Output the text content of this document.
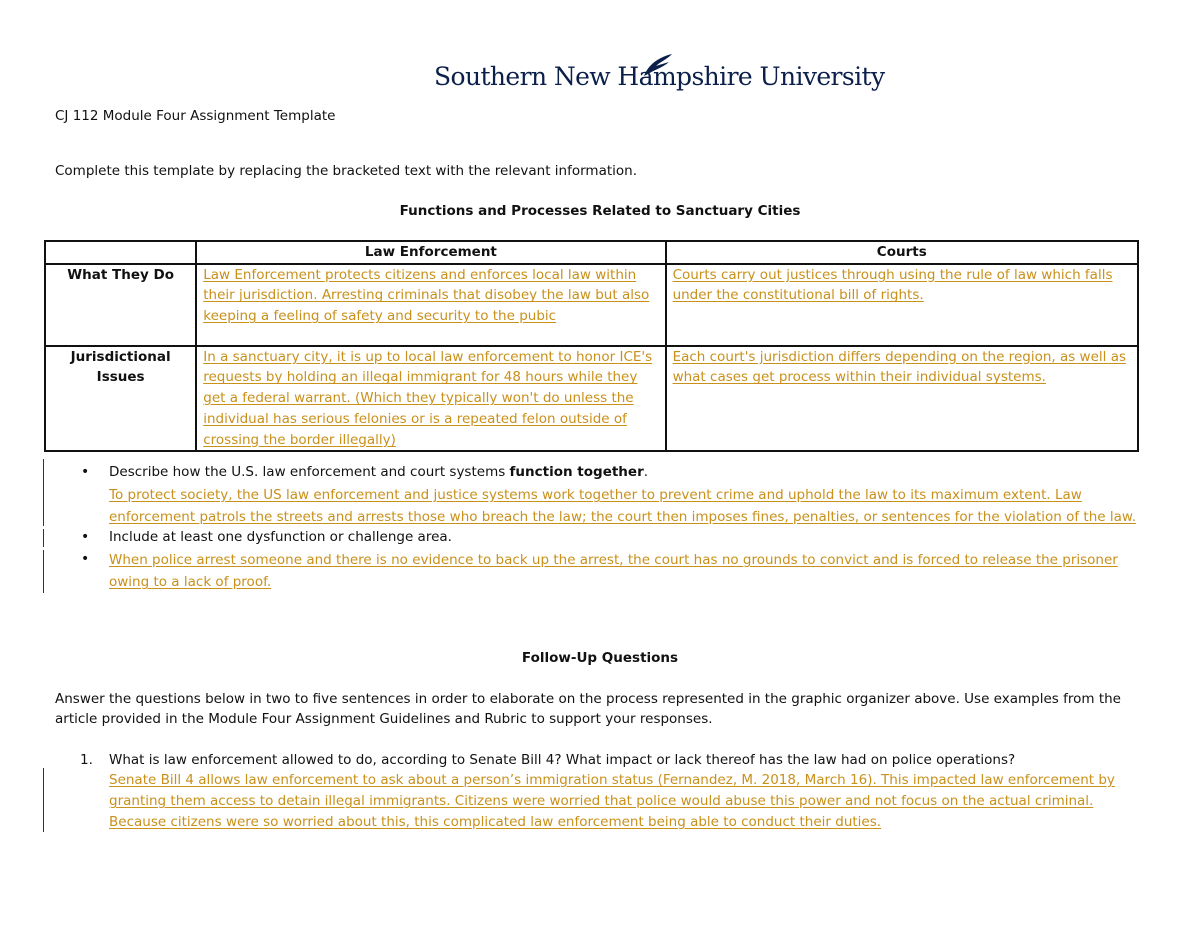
Southern New Hampshire University
CJ 112 Module Four Assignment Template
Complete this template by replacing the bracketed text with the relevant information.
Functions and Processes Related to Sanctuary Cities
	Law Enforcement	Courts
What They Do	Law Enforcement protects citizens and enforces local law within their jurisdiction. Arresting criminals that disobey the law but also keeping a feeling of safety and security to the pubic	Courts carry out justices through using the rule of law which falls under the constitutional bill of rights.
Jurisdictional Issues	In a sanctuary city, it is up to local law enforcement to honor ICE's requests by holding an illegal immigrant for 48 hours while they get a federal warrant. (Which they typically won't do unless the individual has serious felonies or is a repeated felon outside of crossing the border illegally)	Each court's jurisdiction differs depending on the region, as well as what cases get process within their individual systems.
• Describe how the U.S. law enforcement and court systems function together.
To protect society, the US law enforcement and justice systems work together to prevent crime and uphold the law to its maximum extent. Law enforcement patrols the streets and arrests those who breach the law; the court then imposes fines, penalties, or sentences for the violation of the law.
• Include at least one dysfunction or challenge area.
• When police arrest someone and there is no evidence to back up the arrest, the court has no grounds to convict and is forced to release the prisoner owing to a lack of proof.
Follow-Up Questions
Answer the questions below in two to five sentences in order to elaborate on the process represented in the graphic organizer above. Use examples from the article provided in the Module Four Assignment Guidelines and Rubric to support your responses.
1. What is law enforcement allowed to do, according to Senate Bill 4? What impact or lack thereof has the law had on police operations?
Senate Bill 4 allows law enforcement to ask about a person’s immigration status (Fernandez, M. 2018, March 16). This impacted law enforcement by granting them access to detain illegal immigrants. Citizens were worried that police would abuse this power and not focus on the actual criminal. Because citizens were so worried about this, this complicated law enforcement being able to conduct their duties.
